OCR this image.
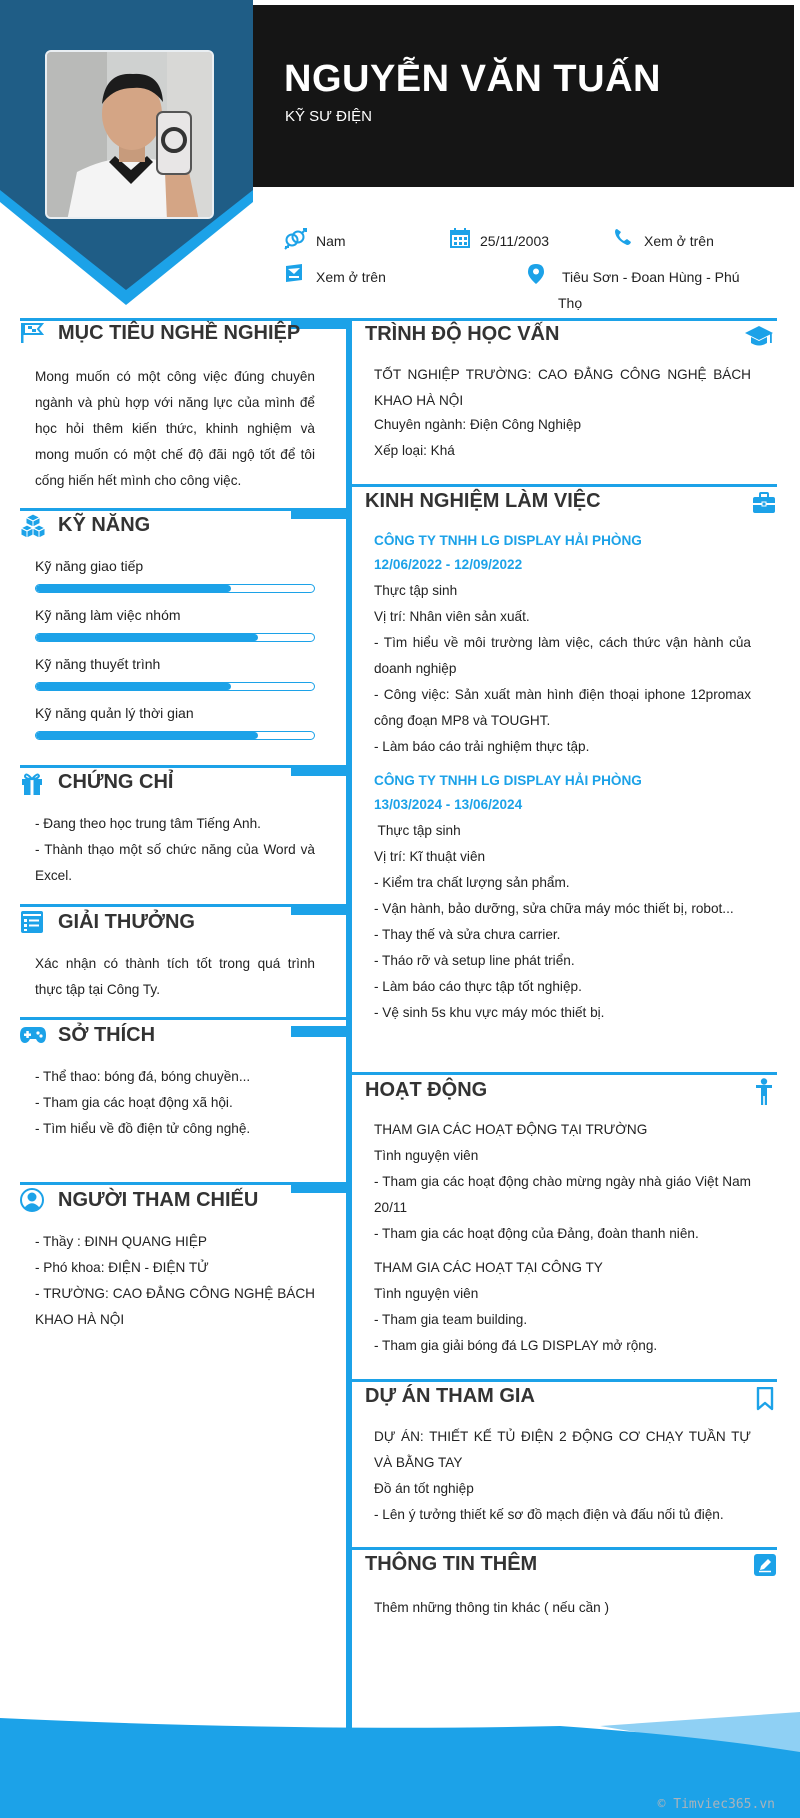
NGUYỄN VĂN TUẤN
KỸ SƯ ĐIỆN
Nam	25/11/2003	Xem ở trên
Xem ở trên	Tiêu Sơn - Đoan Hùng - Phú
Thọ
MỤC TIÊU NGHỀ NGHIỆP
Mong muốn có một công việc đúng chuyên ngành và phù hợp với năng lực của mình để học hỏi thêm kiến thức, khinh nghiệm và mong muốn có một chế độ đãi ngộ tốt để tôi cống hiến hết mình cho công việc.
KỸ NĂNG
Kỹ năng giao tiếp
Kỹ năng làm việc nhóm
Kỹ năng thuyết trình
Kỹ năng quản lý thời gian
CHỨNG CHỈ
- Đang theo học trung tâm Tiếng Anh.
- Thành thạo một số chức năng của Word và Excel.
GIẢI THƯỞNG
Xác nhận có thành tích tốt trong quá trình thực tập tại Công Ty.
SỞ THÍCH
- Thể thao: bóng đá, bóng chuyền...
- Tham gia các hoạt động xã hội.
- Tìm hiểu về đồ điện tử công nghệ.
NGƯỜI THAM CHIẾU
- Thầy : ĐINH QUANG HIỆP
- Phó khoa: ĐIỆN - ĐIỆN TỬ
- TRƯỜNG: CAO ĐẲNG CÔNG NGHỆ BÁCH KHAO HÀ NỘI
TRÌNH ĐỘ HỌC VẤN
TỐT NGHIỆP TRƯỜNG: CAO ĐẲNG CÔNG NGHỆ BÁCH KHAO HÀ NỘI
Chuyên ngành: Điện Công Nghiệp
Xếp loại: Khá
KINH NGHIỆM LÀM VIỆC
CÔNG TY TNHH LG DISPLAY HẢI PHÒNG
12/06/2022 - 12/09/2022
Thực tập sinh
Vị trí: Nhân viên sản xuất.
- Tìm hiểu về môi trường làm việc, cách thức vận hành của doanh nghiệp
- Công việc: Sản xuất màn hình điện thoại iphone 12promax công đoạn MP8 và TOUGHT.
- Làm báo cáo trải nghiệm thực tập.
CÔNG TY TNHH LG DISPLAY HẢI PHÒNG
13/03/2024 - 13/06/2024
Thực tập sinh
Vị trí: Kĩ thuật viên
- Kiểm tra chất lượng sản phẩm.
- Vận hành, bảo dưỡng, sửa chữa máy móc thiết bị, robot...
- Thay thế và sửa chưa carrier.
- Tháo rỡ và setup line phát triển.
- Làm báo cáo thực tập tốt nghiệp.
- Vệ sinh 5s khu vực máy móc thiết bị.
HOẠT ĐỘNG
THAM GIA CÁC HOẠT ĐỘNG TẠI TRƯỜNG
Tình nguyện viên
- Tham gia các hoạt động chào mừng ngày nhà giáo Việt Nam 20/11
- Tham gia các hoạt động của Đảng, đoàn thanh niên.
THAM GIA CÁC HOẠT TẠI CÔNG TY
Tình nguyện viên
- Tham gia team building.
- Tham gia giải bóng đá LG DISPLAY mở rộng.
DỰ ÁN THAM GIA
DỰ ÁN: THIẾT KẾ TỦ ĐIỆN 2 ĐỘNG CƠ CHẠY TUẦN TỰ VÀ BẰNG TAY
Đồ án tốt nghiệp
- Lên ý tưởng thiết kế sơ đồ mạch điện và đấu nối tủ điện.
THÔNG TIN THÊM
Thêm những thông tin khác ( nếu cần )
© Timviec365.vn
